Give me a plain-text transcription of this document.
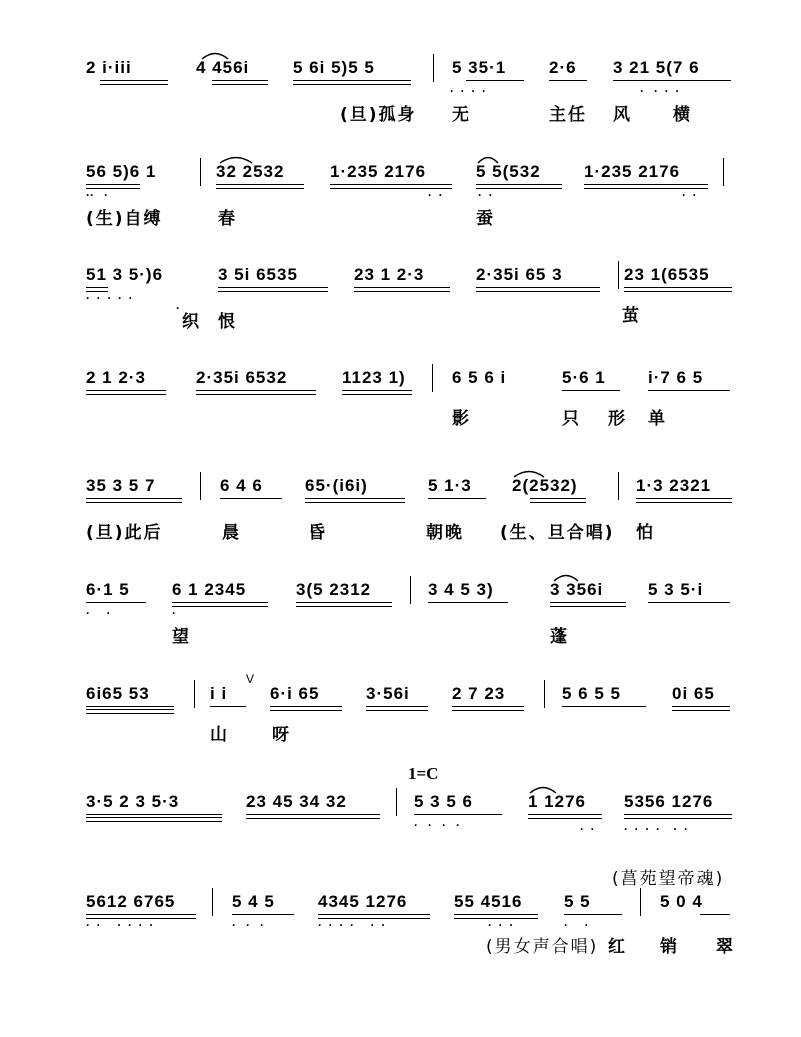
2 i·iii	4 456i	5 6i 5)5 5	5 35·1	2·6 3 21 5(7 6
·  ·  ·  ·	·   ·  ·  ·
(旦)孤身 无	主任 风 横
56 5)6 1	32 2532	1·235 2176	5 5(532	1·235 2176
··   ·	·  ·	·  ·	·  ·
(生)自缚	春	蚕
51 3 5·)6	3 5i 6535	23 1 2·3	2·35i 65 3	23 1(6535
·  ·  ·  ·  ·
·
织 恨	茧
2 1 2·3	2·35i 6532	1123 1)	6 5 6 i	5·6 1 i·7 6 5
影	只 形 单
35 3 5 7	6 4 6 65·(i6i)	5 1·3 2(2532)	1·3 2321
(旦)此后	晨	昏	朝晚 (生、旦合唱) 怕
6·1 5 6 1 2345	3(5 2312	3 4 5 3)	3 356i	5 3 5·i
·     ·	·
望	蓬
6i65 53	i i	6·i 65	3·56i 2 7 23	5 6 5 5	0i 65
V
山	呀
1=C
3·5 2 3 5·3	23 45 34 32	5 3 5 6	1 1276 5356 1276
·   ·   ·   ·	·  · ·  ·  ·  ·    ·  ·
(菖苑望帝魂)
5612 6765	5 4 5	4345 1276	55 4516 5 5	5 0 4
·  ·     ·  ·  ·  ·	·   ·   ·	·  ·  ·  ·     ·  ·	·  ·  ·	·     ·
(男女声合唱) 红 销 翠
